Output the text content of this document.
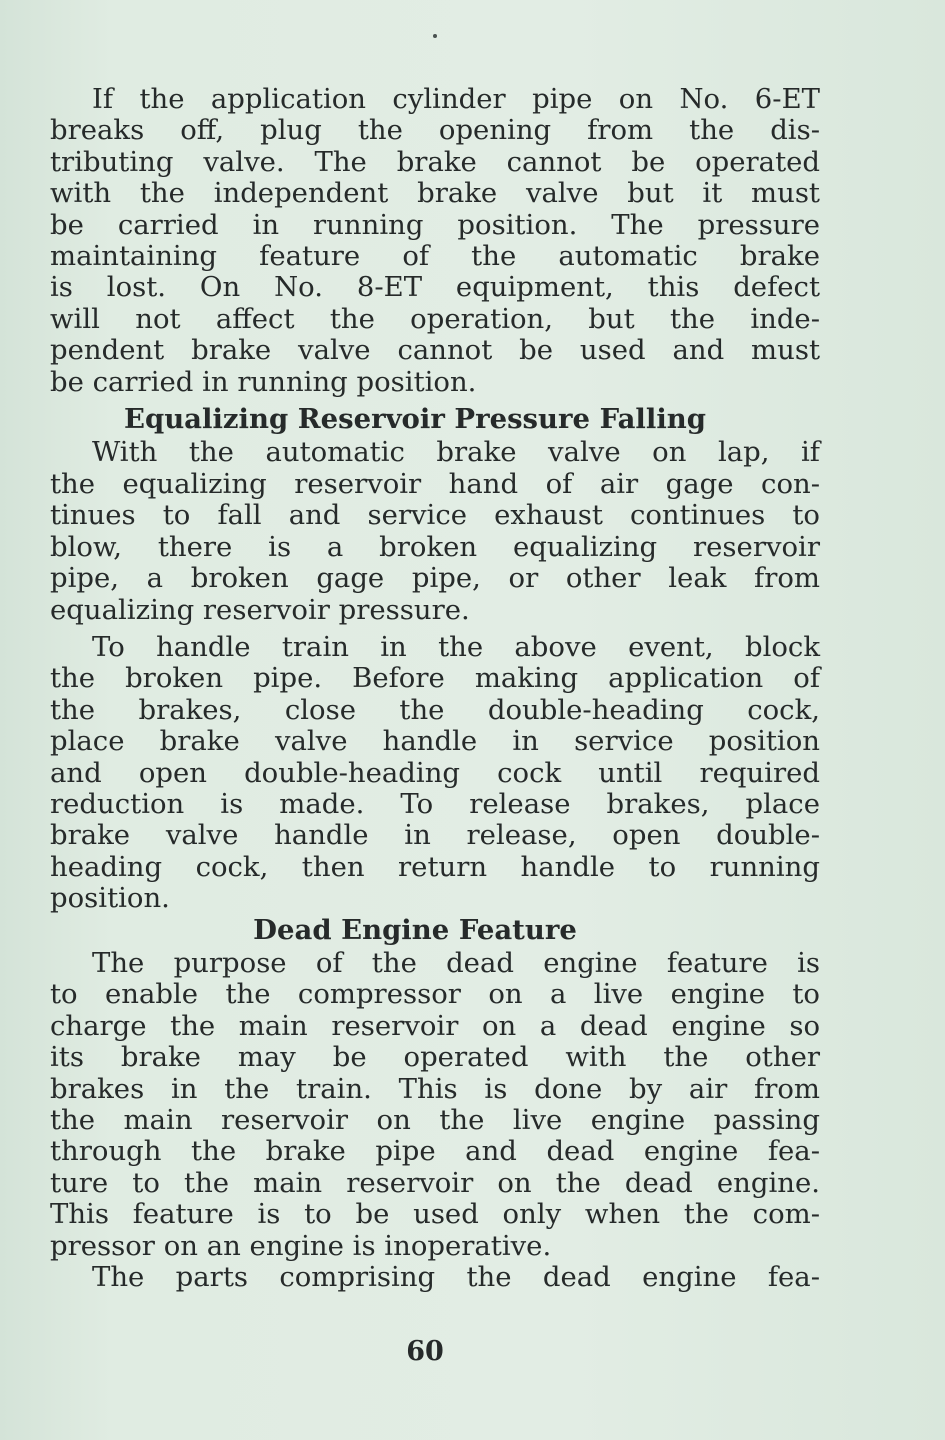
If the application cylinder pipe on No. 6-ET
breaks off, plug the opening from the dis-
tributing valve. The brake cannot be operated
with the independent brake valve but it must
be carried in running position. The pressure
maintaining feature of the automatic brake
is lost. On No. 8-ET equipment, this defect
will not affect the operation, but the inde-
pendent brake valve cannot be used and must
be carried in running position.
Equalizing Reservoir Pressure Falling
With the automatic brake valve on lap, if
the equalizing reservoir hand of air gage con-
tinues to fall and service exhaust continues to
blow, there is a broken equalizing reservoir
pipe, a broken gage pipe, or other leak from
equalizing reservoir pressure.
To handle train in the above event, block
the broken pipe. Before making application of
the brakes, close the double-heading cock,
place brake valve handle in service position
and open double-heading cock until required
reduction is made. To release brakes, place
brake valve handle in release, open double-
heading cock, then return handle to running
position.
Dead Engine Feature
The purpose of the dead engine feature is
to enable the compressor on a live engine to
charge the main reservoir on a dead engine so
its brake may be operated with the other
brakes in the train. This is done by air from
the main reservoir on the live engine passing
through the brake pipe and dead engine fea-
ture to the main reservoir on the dead engine.
This feature is to be used only when the com-
pressor on an engine is inoperative.
The parts comprising the dead engine fea-
60
